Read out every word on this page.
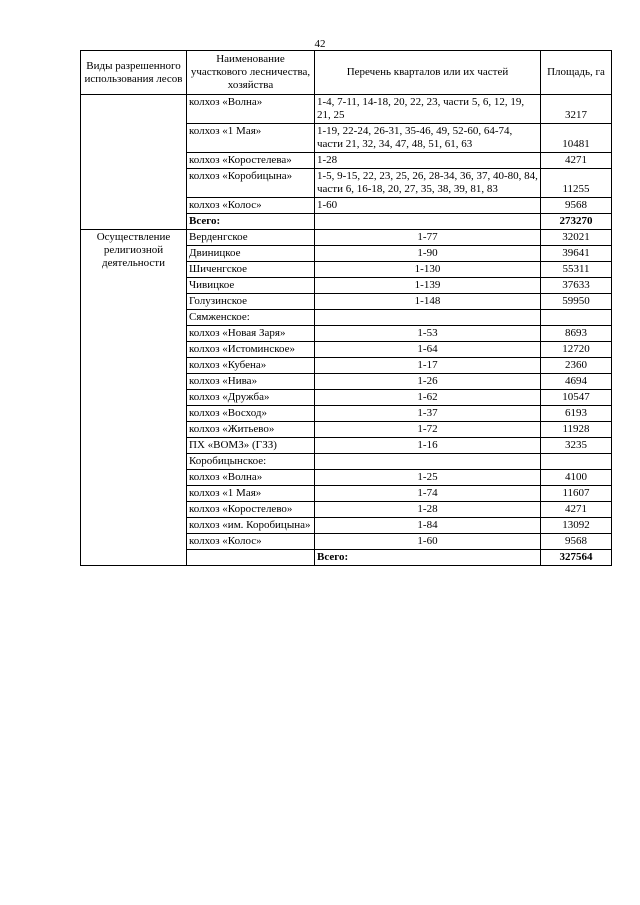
42
Виды разрешенного использования лесов	Наименование участкового лесничества, хозяйства	Перечень кварталов или их частей	Площадь, га
	колхоз «Волна»	1-4, 7-11, 14-18, 20, 22, 23, части 5, 6, 12, 19, 21, 25	3217
	колхоз «1 Мая»	1-19, 22-24, 26-31, 35-46, 49, 52-60, 64-74, части 21, 32, 34, 47, 48, 51, 61, 63	10481
	колхоз «Коростелева»	1-28	4271
	колхоз «Коробицына»	1-5, 9-15, 22, 23, 25, 26, 28-34, 36, 37, 40-80, 84, части 6, 16-18, 20, 27, 35, 38, 39, 81, 83	11255
	колхоз «Колос»	1-60	9568
	Всего:		273270
Осуществление религиозной деятельности	Верденгское	1-77	32021
	Двиницкое	1-90	39641
	Шиченгское	1-130	55311
	Чивицкое	1-139	37633
	Голузинское	1-148	59950
	Сямженское:		
	колхоз «Новая Заря»	1-53	8693
	колхоз «Истоминское»	1-64	12720
	колхоз «Кубена»	1-17	2360
	колхоз «Нива»	1-26	4694
	колхоз «Дружба»	1-62	10547
	колхоз «Восход»	1-37	6193
	колхоз «Житьево»	1-72	11928
	ПХ «ВОМЗ» (ГЗЗ)	1-16	3235
	Коробицынское:		
	колхоз «Волна»	1-25	4100
	колхоз «1 Мая»	1-74	11607
	колхоз «Коростелево»	1-28	4271
	колхоз «им. Коробицына»	1-84	13092
	колхоз «Колос»	1-60	9568
		Всего:	327564
